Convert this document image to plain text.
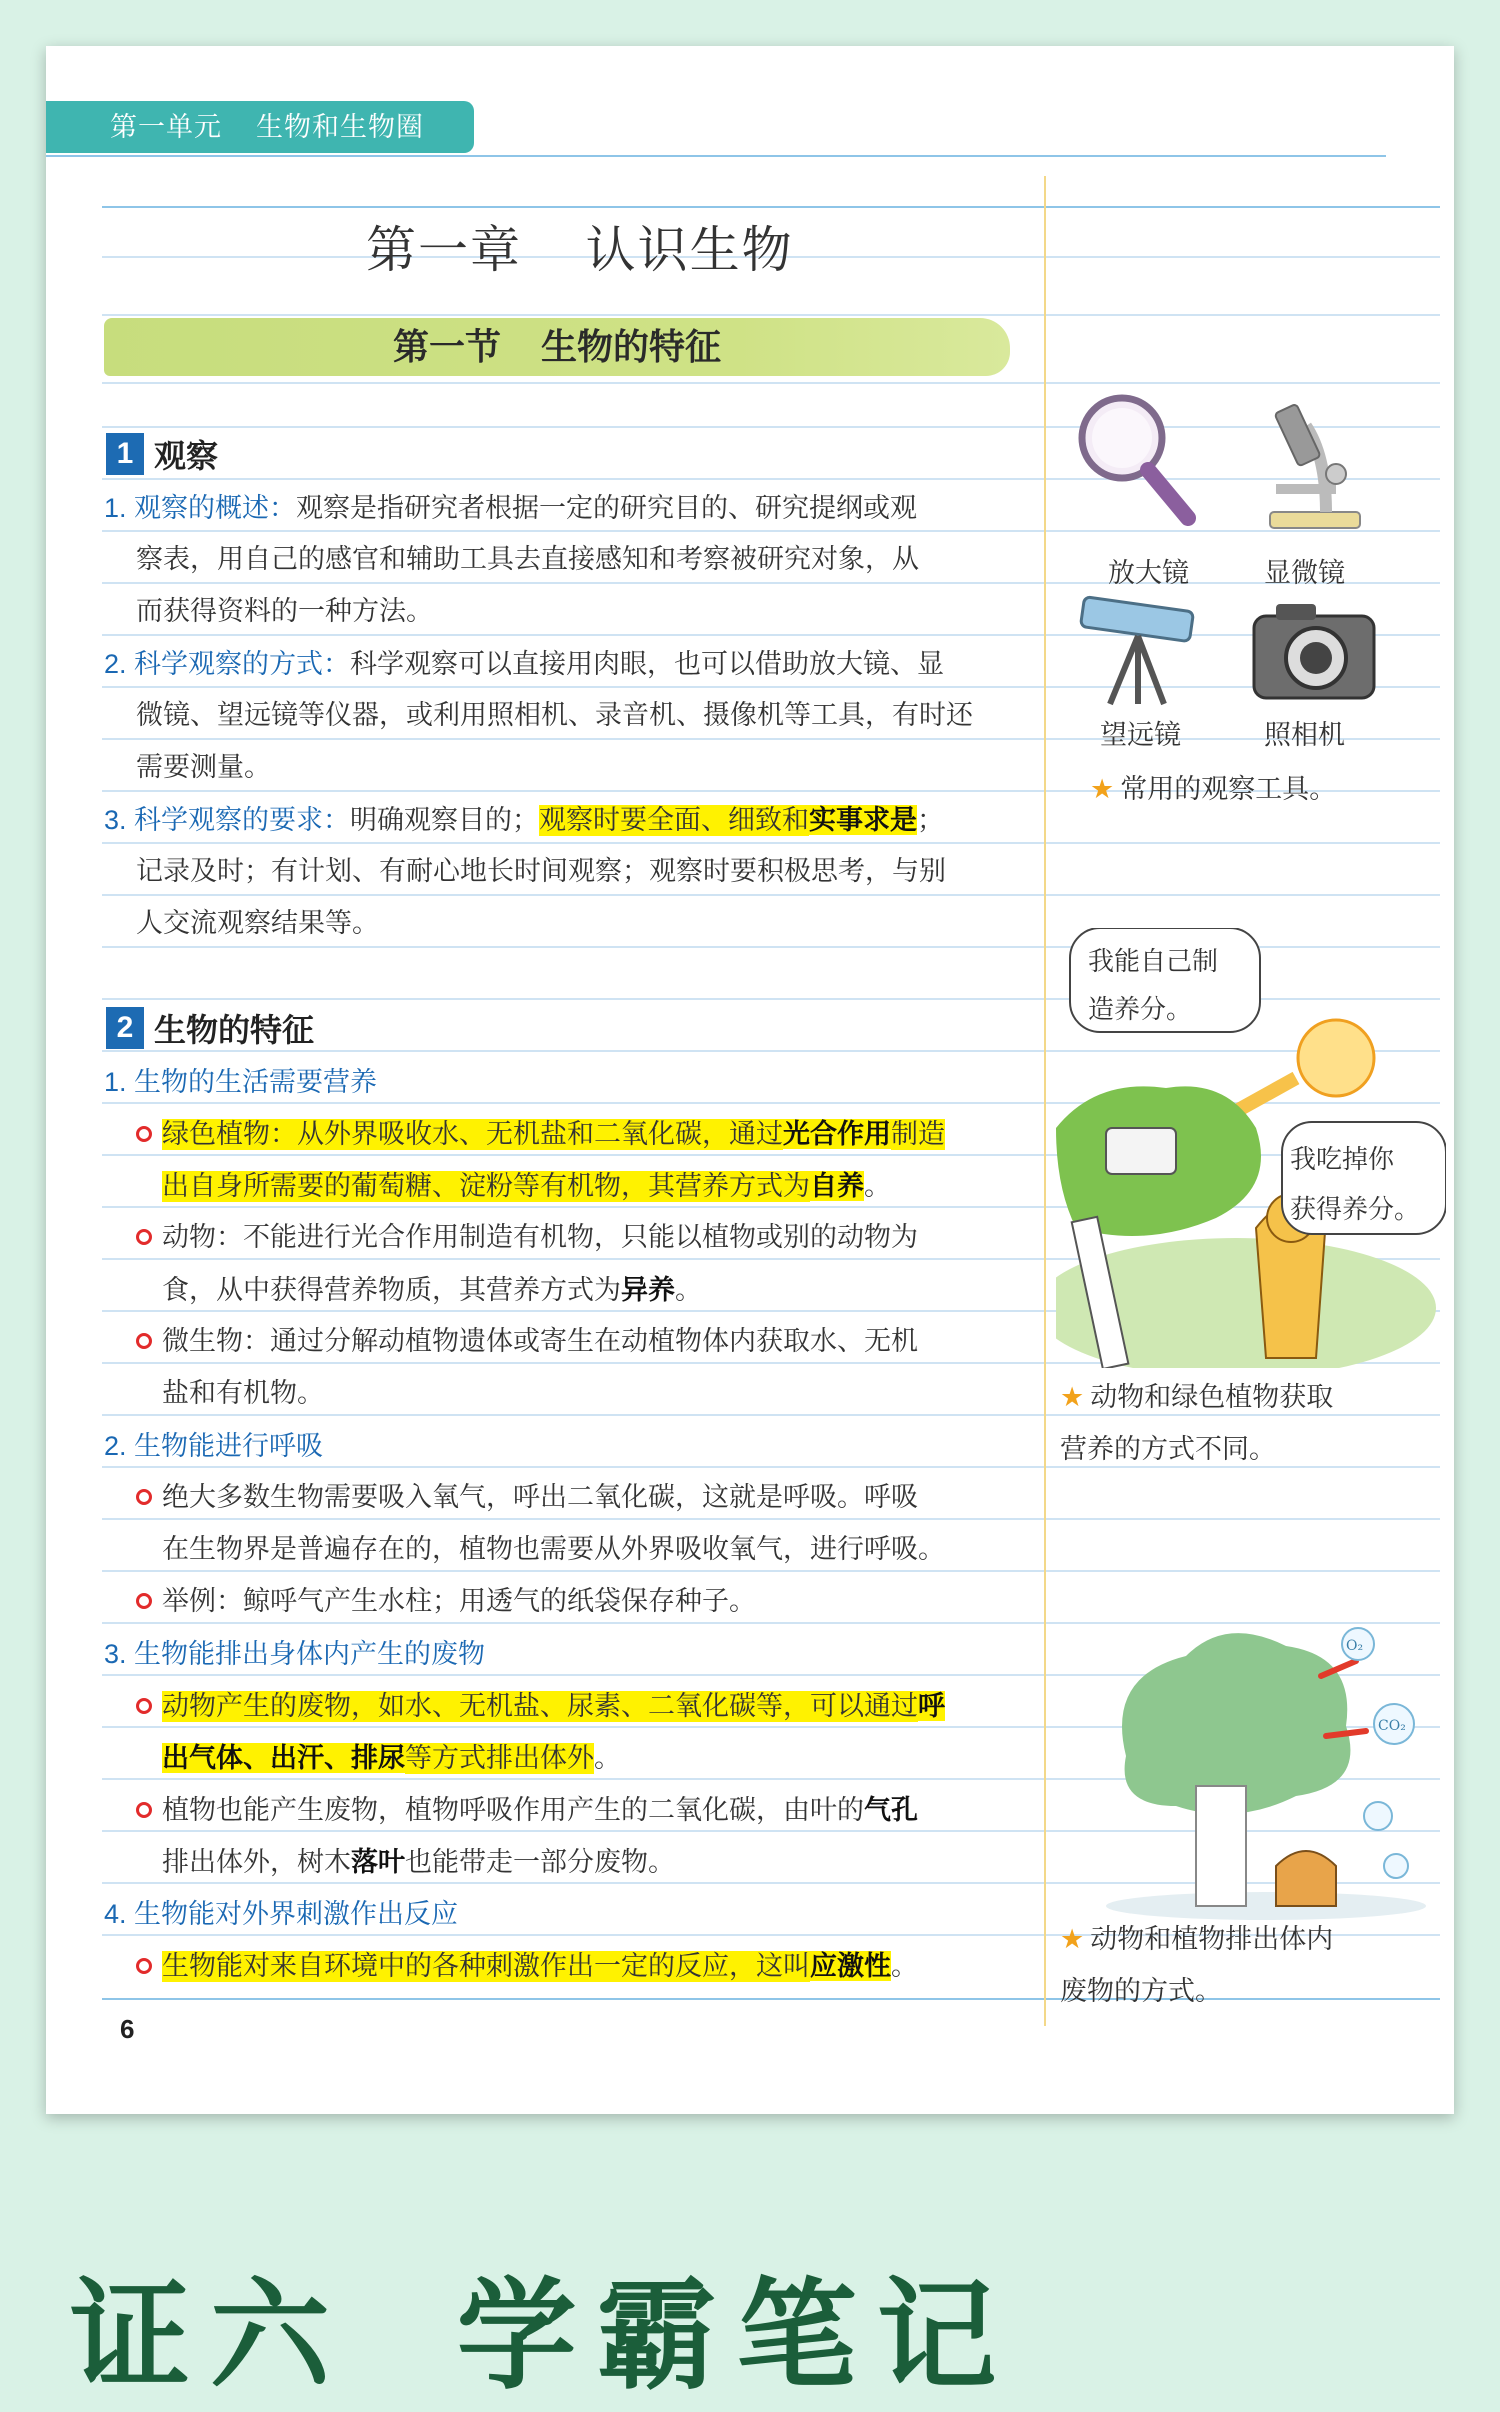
第一单元    生物和生物圈
第一章    认识生物
第一节    生物的特征
1 观察
1. 观察的概述：观察是指研究者根据一定的研究目的、研究提纲或观
察表，用自己的感官和辅助工具去直接感知和考察被研究对象，从
而获得资料的一种方法。
2. 科学观察的方式：科学观察可以直接用肉眼，也可以借助放大镜、显
微镜、望远镜等仪器，或利用照相机、录音机、摄像机等工具，有时还
需要测量。
3. 科学观察的要求：明确观察目的；观察时要全面、细致和实事求是；
记录及时；有计划、有耐心地长时间观察；观察时要积极思考，与别
人交流观察结果等。
2 生物的特征
1. 生物的生活需要营养
绿色植物：从外界吸收水、无机盐和二氧化碳，通过光合作用制造
出自身所需要的葡萄糖、淀粉等有机物，其营养方式为自养。
动物：不能进行光合作用制造有机物，只能以植物或别的动物为
食，从中获得营养物质，其营养方式为异养。
微生物：通过分解动植物遗体或寄生在动植物体内获取水、无机
盐和有机物。
2. 生物能进行呼吸
绝大多数生物需要吸入氧气，呼出二氧化碳，这就是呼吸。呼吸
在生物界是普遍存在的，植物也需要从外界吸收氧气，进行呼吸。
举例：鲸呼气产生水柱；用透气的纸袋保存种子。
3. 生物能排出身体内产生的废物
动物产生的废物，如水、无机盐、尿素、二氧化碳等，可以通过呼
出气体、出汗、排尿等方式排出体外。
植物也能产生废物，植物呼吸作用产生的二氧化碳，由叶的气孔
排出体外，树木落叶也能带走一部分废物。
4. 生物能对外界刺激作出反应
生物能对来自环境中的各种刺激作出一定的反应，这叫应激性。
放大镜	显微镜
望远镜	照相机
★ 常用的观察工具。
我能自己制
造养分。
我吃掉你
获得养分。
★ 动物和绿色植物获取
营养的方式不同。
O₂
CO₂
★ 动物和植物排出体内
废物的方式。
6
证六  学霸笔记
